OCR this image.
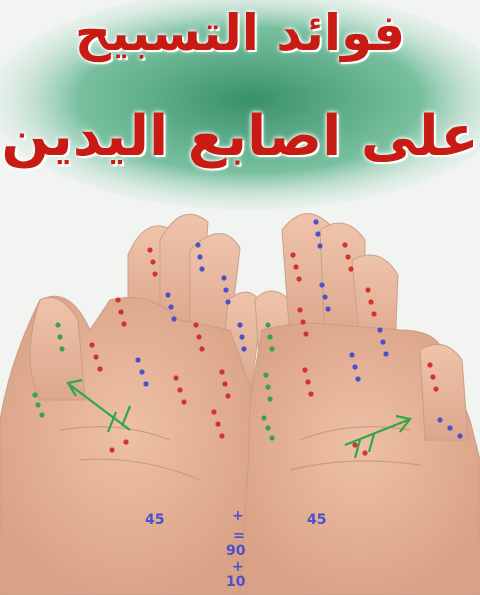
فوائد التسبيح
على اصابع اليدين
45	+	45
=
90
+
10
